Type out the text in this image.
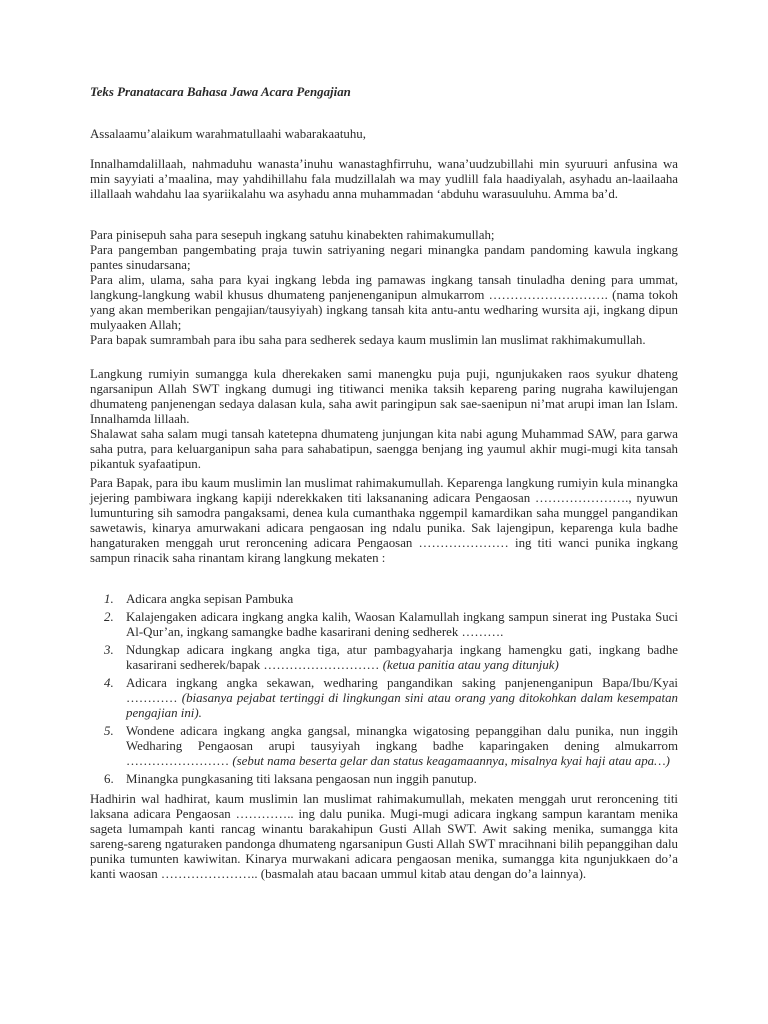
Teks Pranatacara Bahasa Jawa Acara Pengajian
Assalaamu’alaikum warahmatullaahi wabarakaatuhu,

Innalhamdalillaah, nahmaduhu wanasta’inuhu wanastaghfirruhu, wana’uudzubillahi min syuruuri anfusina wa min sayyiati a’maalina, may yahdihillahu fala mudzillalah wa may yudlill fala haadiyalah, asyhadu an-laailaaha illallaah wahdahu laa syariikalahu wa asyhadu anna muhammadan ‘abduhu warasuuluhu. Amma ba’d.

Para pinisepuh saha para sesepuh ingkang satuhu kinabekten rahimakumullah;

Para pangemban pangembating praja tuwin satriyaning negari minangka pandam pandoming kawula ingkang pantes sinudarsana;

Para alim, ulama, saha para kyai ingkang lebda ing pamawas ingkang tansah tinuladha dening para ummat, langkung-langkung wabil khusus dhumateng panjenenganipun almukarrom ………………………. (nama tokoh yang akan memberikan pengajian/tausyiyah) ingkang tansah kita antu-antu wedharing wursita aji, ingkang dipun mulyaaken Allah;

Para bapak sumrambah para ibu saha para sedherek sedaya kaum muslimin lan muslimat rakhimakumullah.

Langkung rumiyin sumangga kula dherekaken sami manengku puja puji, ngunjukaken raos syukur dhateng ngarsanipun Allah SWT ingkang dumugi ing titiwanci menika taksih kepareng paring nugraha kawilujengan dhumateng panjenengan sedaya dalasan kula, saha awit paringipun sak sae-saenipun ni’mat arupi iman lan Islam. Innalhamda lillaah.

Shalawat saha salam mugi tansah katetepna dhumateng junjungan kita nabi agung Muhammad SAW, para garwa saha putra, para keluarganipun saha para sahabatipun, saengga benjang ing yaumul akhir mugi-mugi kita tansah pikantuk syafaatipun.

Para Bapak, para ibu kaum muslimin lan muslimat rahimakumullah. Keparenga langkung rumiyin kula minangka jejering pambiwara ingkang kapiji nderekkaken titi laksananing adicara Pengaosan …………………., nyuwun lumunturing sih samodra pangaksami, denea kula cumanthaka nggempil kamardikan saha munggel pangandikan sawetawis, kinarya amurwakani adicara pengaosan ing ndalu punika. Sak lajengipun, keparenga kula badhe hangaturaken menggah urut reroncening adicara Pengaosan ………………… ing titi wanci punika ingkang sampun rinacik saha rinantam kirang langkung mekaten :

1. Adicara angka sepisan Pambuka
2. Kalajengaken adicara ingkang angka kalih, Waosan Kalamullah ingkang sampun sinerat ing Pustaka Suci Al-Qur’an, ingkang samangke badhe kasarirani dening sedherek ……….
3. Ndungkap adicara ingkang angka tiga, atur pambagyaharja ingkang hamengku gati, ingkang badhe kasarirani sedherek/bapak ……………………… (ketua panitia atau yang ditunjuk)
4. Adicara ingkang angka sekawan, wedharing pangandikan saking panjenenganipun Bapa/Ibu/Kyai ………… (biasanya pejabat tertinggi di lingkungan sini atau orang yang ditokohkan dalam kesempatan pengajian ini).
5. Wondene adicara ingkang angka gangsal, minangka wigatosing pepanggihan dalu punika, nun inggih Wedharing Pengaosan arupi tausyiyah ingkang badhe kaparingaken dening almukarrom …………………… (sebut nama beserta gelar dan status keagamaannya, misalnya kyai haji atau apa…)
6. Minangka pungkasaning titi laksana pengaosan nun inggih panutup.

Hadhirin wal hadhirat, kaum muslimin lan muslimat rahimakumullah, mekaten menggah urut reroncening titi laksana adicara Pengaosan ………….. ing dalu punika. Mugi-mugi adicara ingkang sampun karantam menika sageta lumampah kanti rancag winantu barakahipun Gusti Allah SWT. Awit saking menika, sumangga kita sareng-sareng ngaturaken pandonga dhumateng ngarsanipun Gusti Allah SWT mracihnani bilih pepanggihan dalu punika tumunten kawiwitan. Kinarya murwakani adicara pengaosan menika, sumangga kita ngunjukkaen do’a kanti waosan ………………….. (basmalah atau bacaan ummul kitab atau dengan do’a lainnya).
